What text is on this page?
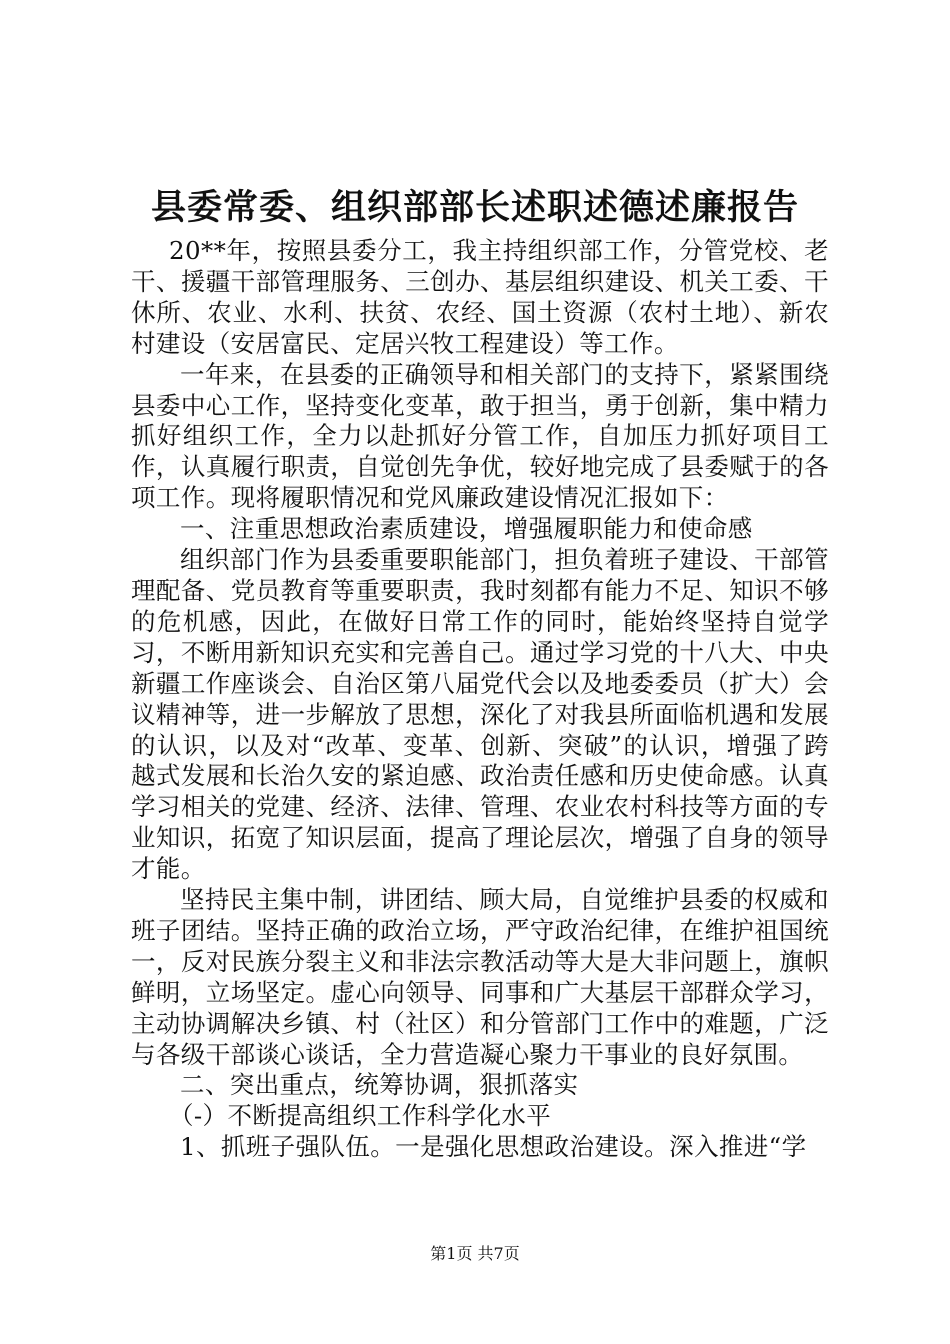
县委常委、组织部部长述职述德述廉报告

20**年，按照县委分工，我主持组织部工作，分管党校、老干、援疆干部管理服务、三创办、基层组织建设、机关工委、干休所、农业、水利、扶贫、农经、国土资源（农村土地）、新农村建设（安居富民、定居兴牧工程建设）等工作。

一年来，在县委的正确领导和相关部门的支持下，紧紧围绕县委中心工作，坚持变化变革，敢于担当，勇于创新，集中精力抓好组织工作，全力以赴抓好分管工作，自加压力抓好项目工作，认真履行职责，自觉创先争优，较好地完成了县委赋于的各项工作。现将履职情况和党风廉政建设情况汇报如下：

一、注重思想政治素质建设，增强履职能力和使命感

组织部门作为县委重要职能部门，担负着班子建设、干部管理配备、党员教育等重要职责，我时刻都有能力不足、知识不够的危机感，因此，在做好日常工作的同时，能始终坚持自觉学习，不断用新知识充实和完善自己。通过学习党的十八大、中央新疆工作座谈会、自治区第八届党代会以及地委委员（扩大）会议精神等，进一步解放了思想，深化了对我县所面临机遇和发展的认识，以及对“改革、变革、创新、突破”的认识，增强了跨越式发展和长治久安的紧迫感、政治责任感和历史使命感。认真学习相关的党建、经济、法律、管理、农业农村科技等方面的专业知识，拓宽了知识层面，提高了理论层次，增强了自身的领导才能。

坚持民主集中制，讲团结、顾大局，自觉维护县委的权威和班子团结。坚持正确的政治立场，严守政治纪律，在维护祖国统一，反对民族分裂主义和非法宗教活动等大是大非问题上，旗帜鲜明，立场坚定。虚心向领导、同事和广大基层干部群众学习，主动协调解决乡镇、村（社区）和分管部门工作中的难题，广泛与各级干部谈心谈话，全力营造凝心聚力干事业的良好氛围。

二、突出重点，统筹协调，狠抓落实

（-）不断提高组织工作科学化水平

1、抓班子强队伍。一是强化思想政治建设。深入推进“学

第1页 共7页
